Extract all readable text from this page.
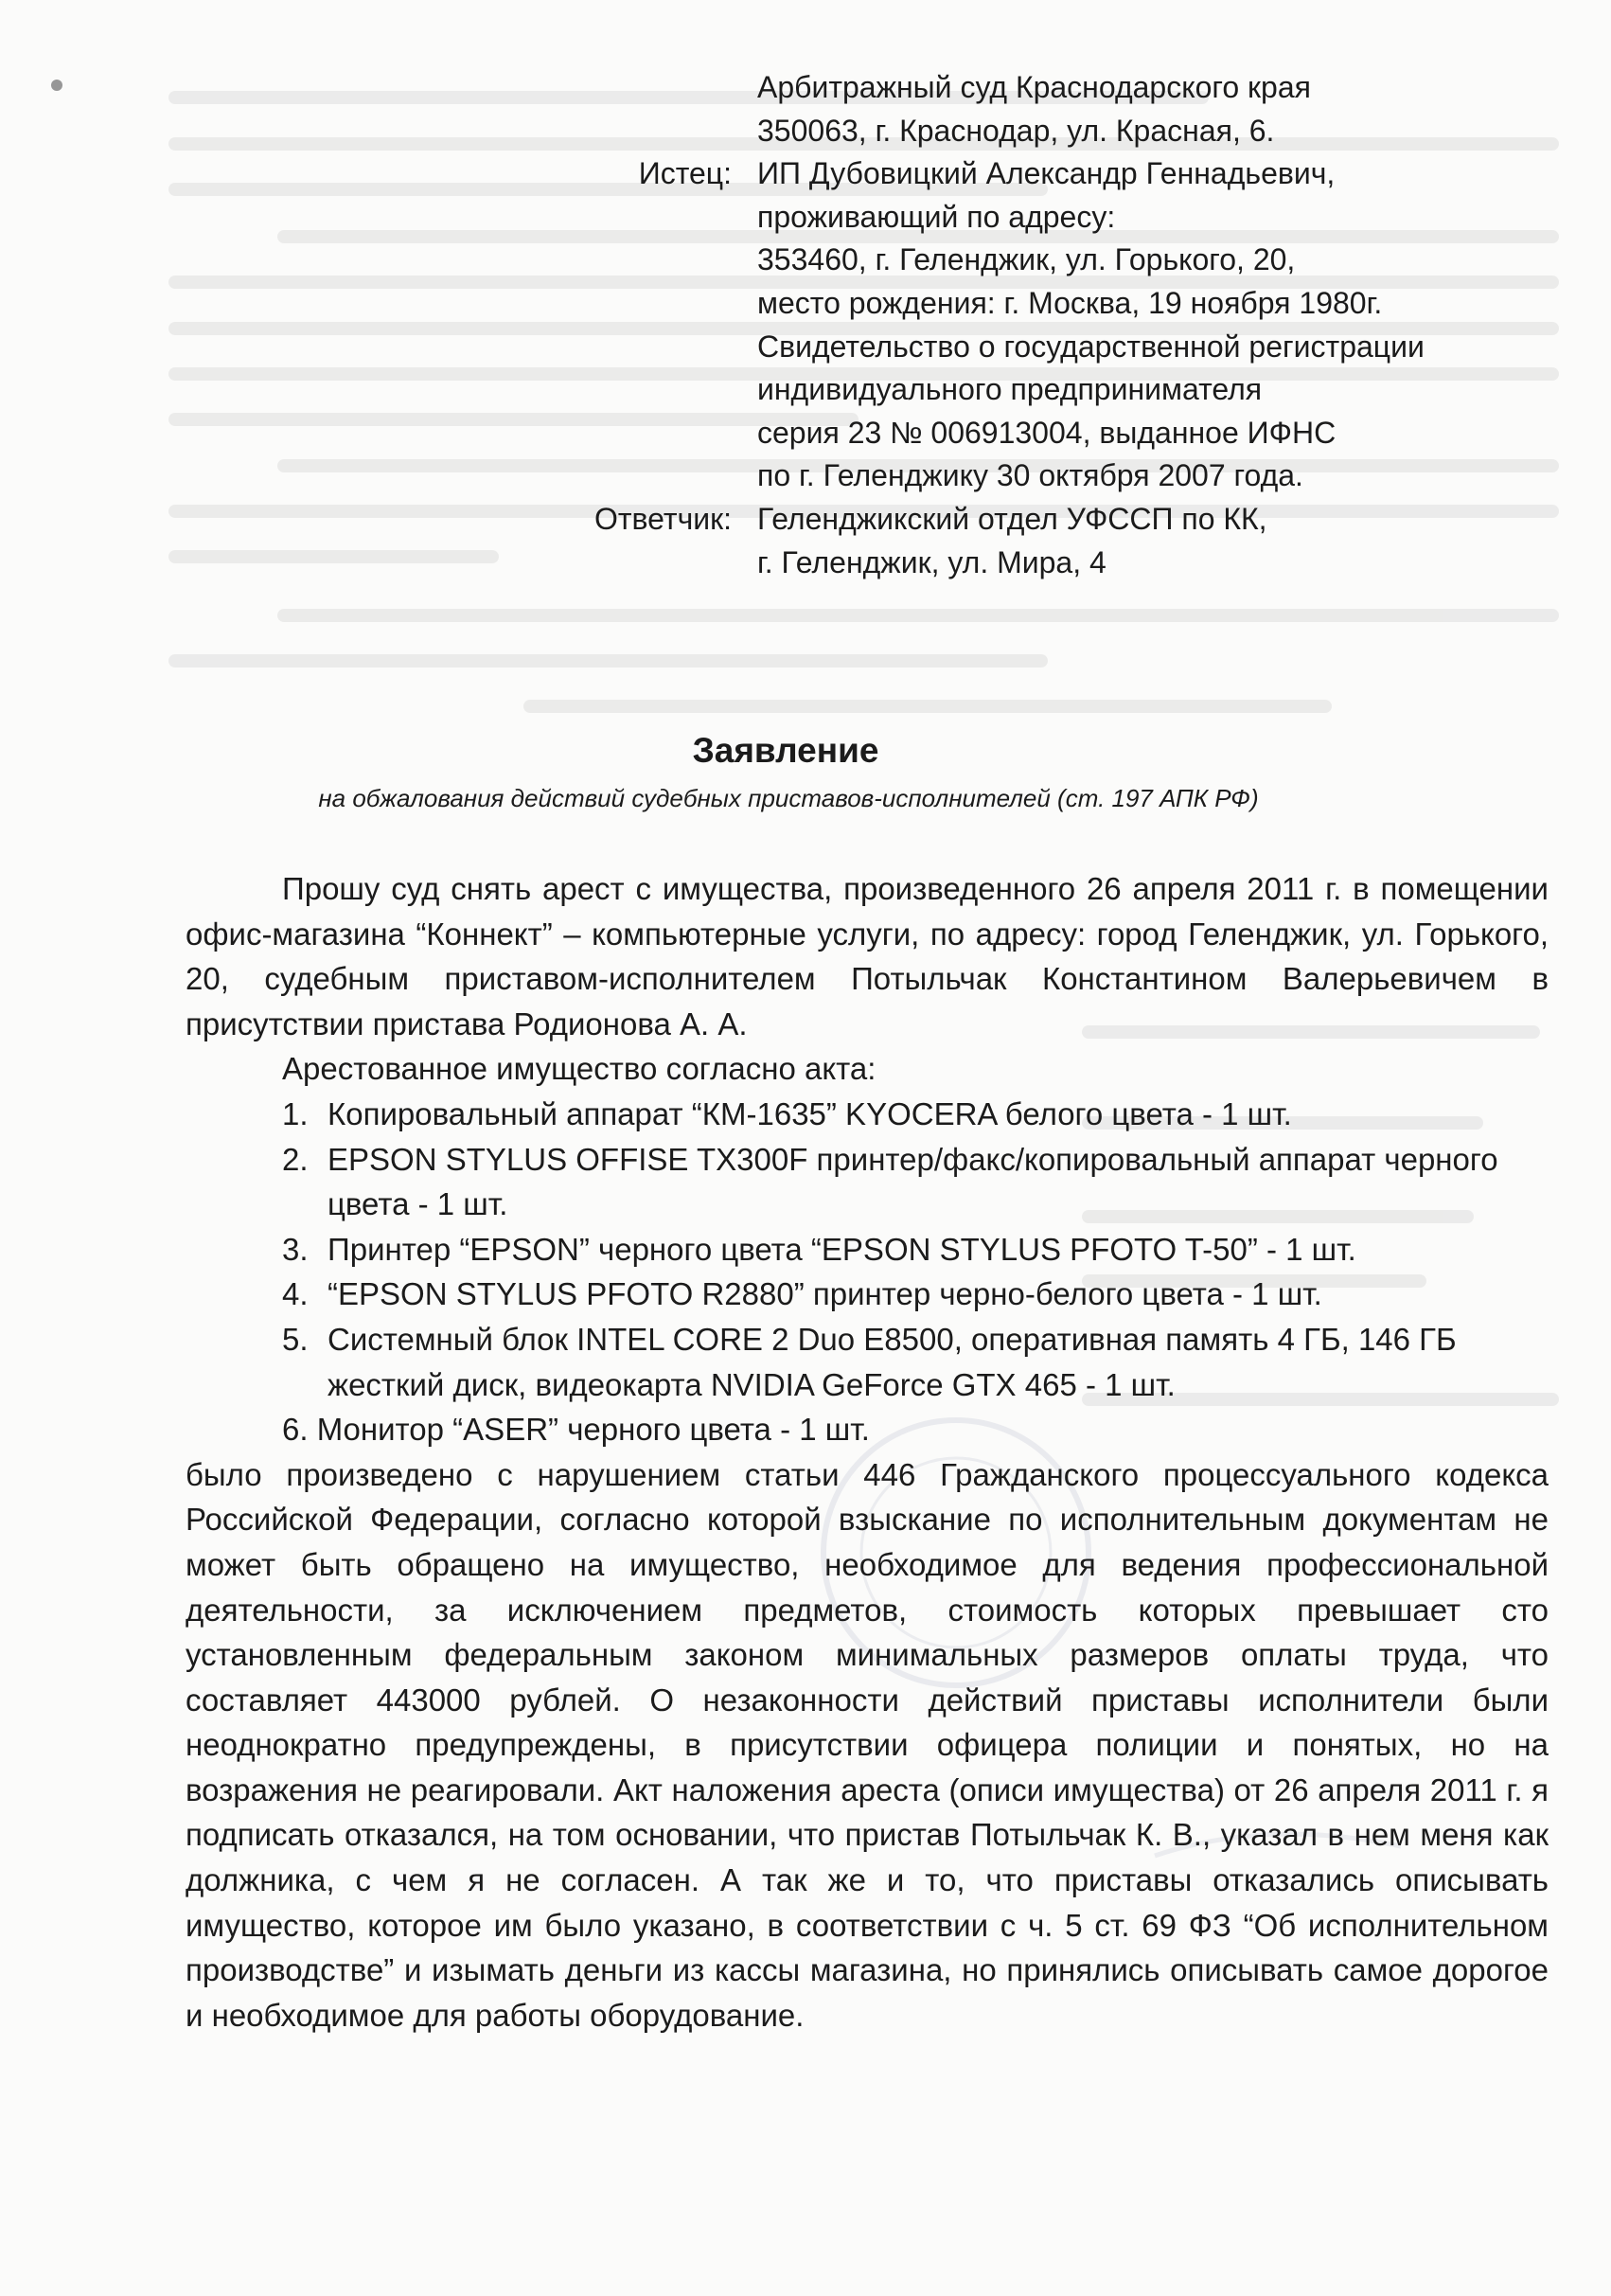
Арбитражный суд Краснодарского края
350063, г. Краснодар, ул. Красная, 6.
Истец: ИП Дубовицкий Александр Геннадьевич,
проживающий по адресу:
353460, г. Геленджик, ул. Горького, 20,
место рождения: г. Москва, 19 ноября 1980г.
Свидетельство о государственной регистрации
индивидуального предпринимателя
серия 23 № 006913004, выданное ИФНС
по г. Геленджику 30 октября 2007 года.
Ответчик: Геленджикский отдел УФССП по КК,
г. Геленджик, ул. Мира, 4
Заявление
на обжалования действий судебных приставов-исполнителей (ст. 197 АПК РФ)

Прошу суд снять арест с имущества, произведенного 26 апреля 2011 г. в помещении офис-магазина “Коннект” – компьютерные услуги, по адресу: город Геленджик, ул. Горького, 20, судебным приставом-исполнителем Потыльчак Константином Валерьевичем в присутствии пристава Родионова А. А.

Арестованное имущество согласно акта:
1. Копировальный аппарат “КМ-1635” KYOCERA белого цвета - 1 шт.
2. EPSON STYLUS OFFISE TX300F принтер/факс/копировальный аппарат черного цвета - 1 шт.
3. Принтер “EPSON” черного цвета “EPSON STYLUS PFOTO T-50” - 1 шт.
4. “EPSON STYLUS PFOTO R2880” принтер черно-белого цвета - 1 шт.
5. Системный блок INTEL CORE 2 Duo E8500, оперативная память 4 ГБ, 146 ГБ жесткий диск, видеокарта NVIDIA GeForce GTX 465 - 1 шт.
6. Монитор “ASER” черного цвета - 1 шт.

было произведено с нарушением статьи 446 Гражданского процессуального кодекса Российской Федерации, согласно которой взыскание по исполнительным документам не может быть обращено на имущество, необходимое для ведения профессиональной деятельности, за исключением предметов, стоимость которых превышает сто установленным федеральным законом минимальных размеров оплаты труда, что составляет 443000 рублей. О незаконности действий приставы исполнители были неоднократно предупреждены, в присутствии офицера полиции и понятых, но на возражения не реагировали. Акт наложения ареста (описи имущества) от 26 апреля 2011 г. я подписать отказался, на том основании, что пристав Потыльчак К. В., указал в нем меня как должника, с чем я не согласен. А так же и то, что приставы отказались описывать имущество, которое им было указано, в соответствии с ч. 5 ст. 69 ФЗ “Об исполнительном производстве” и изымать деньги из кассы магазина, но принялись описывать самое дорогое и необходимое для работы оборудование.
